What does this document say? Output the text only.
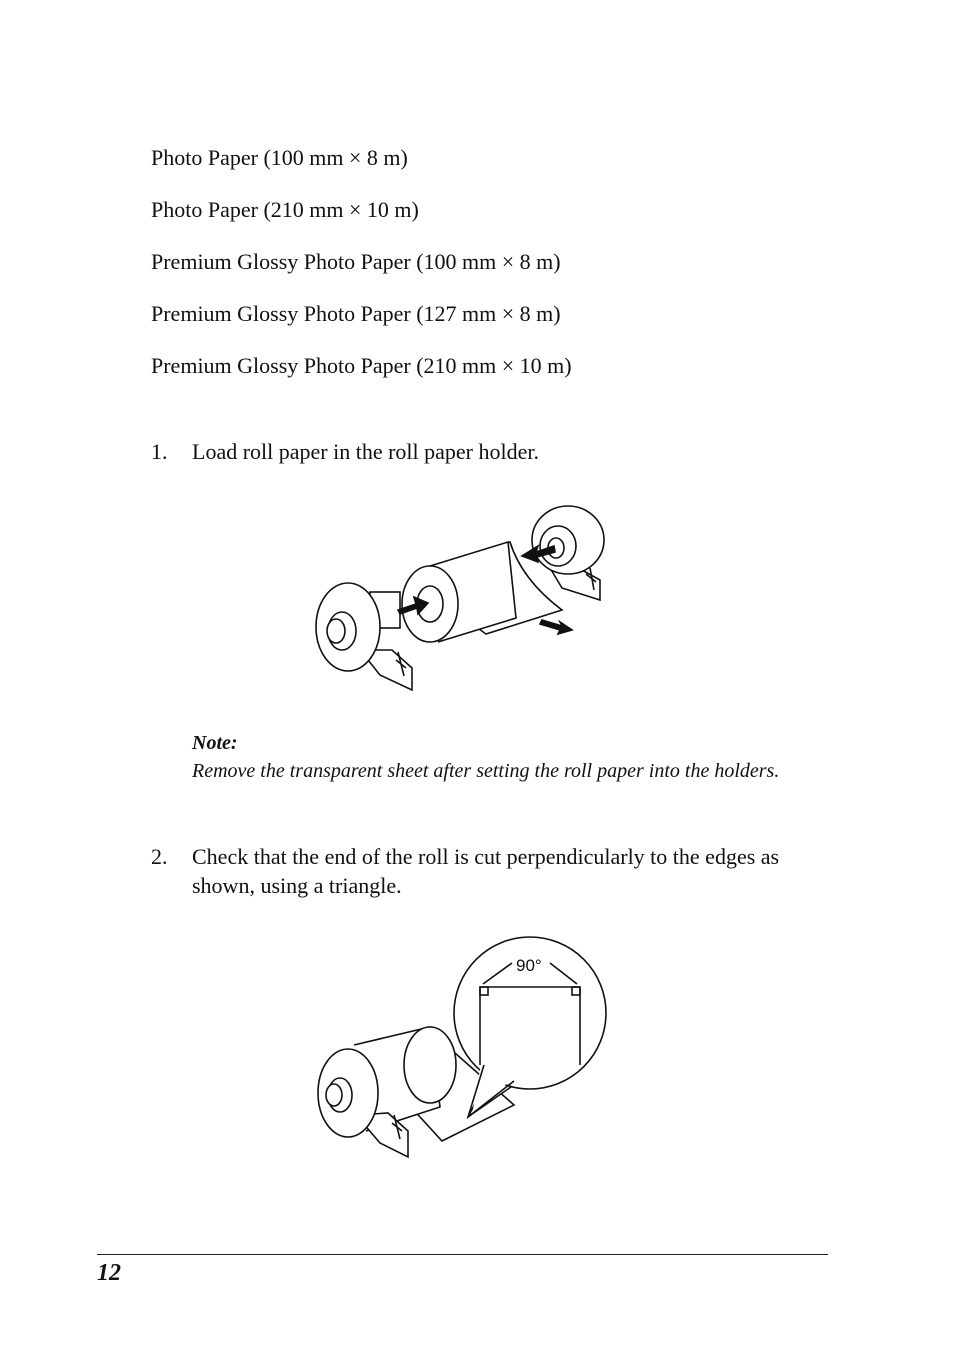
Photo Paper (100 mm × 8 m)

Photo Paper (210 mm × 10 m)

Premium Glossy Photo Paper (100 mm × 8 m)

Premium Glossy Photo Paper (127 mm × 8 m)

Premium Glossy Photo Paper (210 mm × 10 m)

1. Load roll paper in the roll paper holder.
Note:
Remove the transparent sheet after setting the roll paper into the holders.
2. Check that the end of the roll is cut perpendicularly to the edges as shown, using a triangle.
90°
12
